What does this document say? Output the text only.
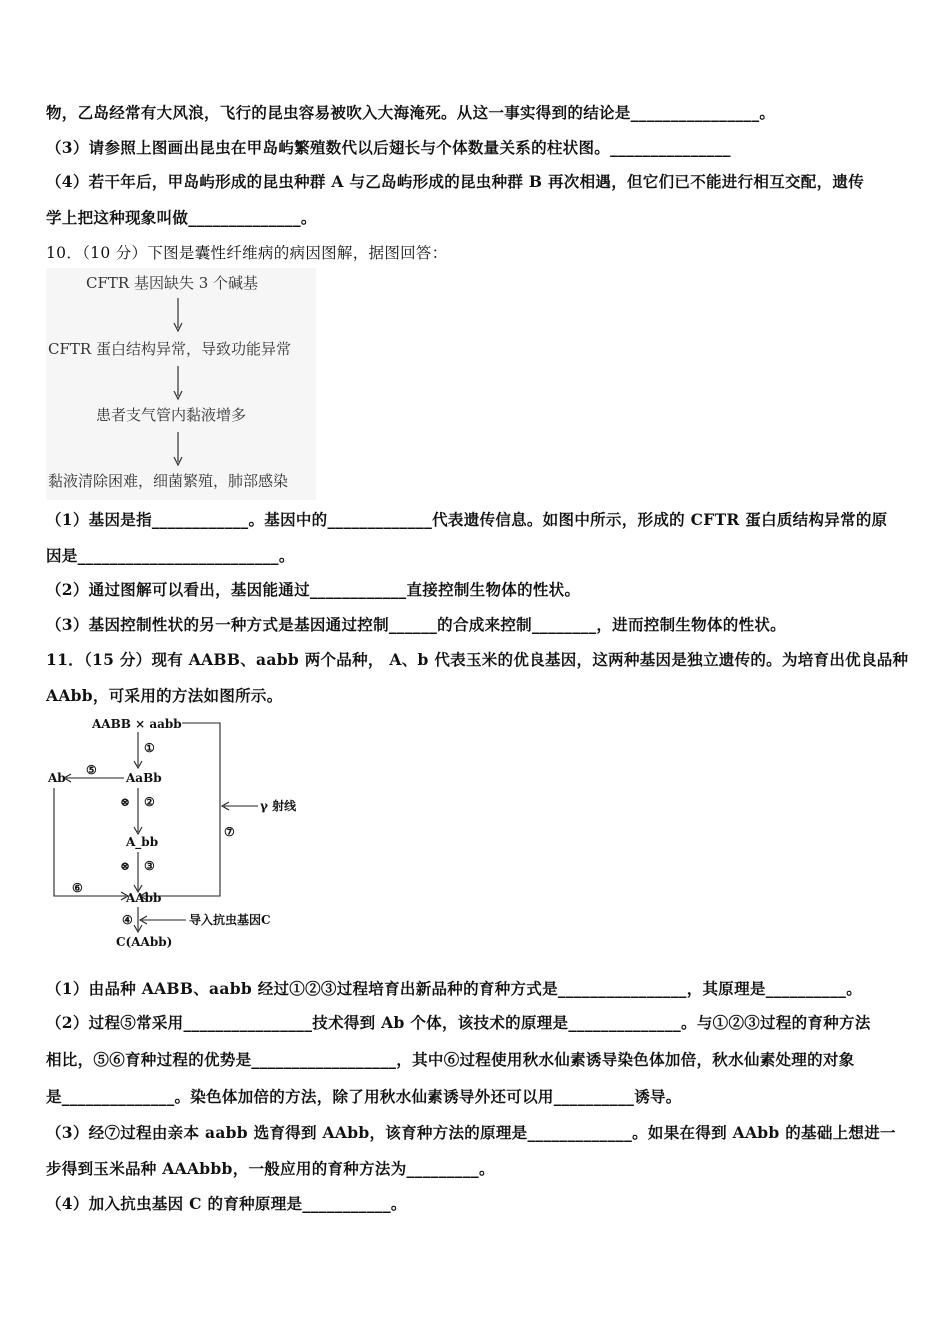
物，乙岛经常有大风浪，飞行的昆虫容易被吹入大海淹死。从这一事实得到的结论是________________。
（3）请参照上图画出昆虫在甲岛屿繁殖数代以后翅长与个体数量关系的柱状图。_______________
（4）若干年后，甲岛屿形成的昆虫种群 A 与乙岛屿形成的昆虫种群 B 再次相遇，但它们已不能进行相互交配，遗传
学上把这种现象叫做______________。
10．（10 分）下图是囊性纤维病的病因图解，据图回答：
CFTR 基因缺失 3 个碱基
CFTR 蛋白结构异常，导致功能异常
患者支气管内黏液增多
黏液清除困难，细菌繁殖，肺部感染
（1）基因是指____________。基因中的_____________代表遗传信息。如图中所示，形成的 CFTR 蛋白质结构异常的原
因是_________________________。
（2）通过图解可以看出，基因能通过____________直接控制生物体的性状。
（3）基因控制性状的另一种方式是基因通过控制______的合成来控制________，进而控制生物体的性状。
11．（15 分）现有 AABB、aabb 两个品种， A、b 代表玉米的优良基因，这两种基因是独立遗传的。为培育出优良品种
AAbb，可采用的方法如图所示。
AABB × aabb
γ 射线
⑦
①
AaBb
⑤
Ab
⑥
⊗ ②
A_bb
⊗ ③
AAbb
④	导入抗虫基因C
C(AAbb)
（1）由品种 AABB、aabb 经过①②③过程培育出新品种的育种方式是________________，其原理是__________。
（2）过程⑤常采用________________技术得到 Ab 个体，该技术的原理是______________。与①②③过程的育种方法
相比，⑤⑥育种过程的优势是__________________，其中⑥过程使用秋水仙素诱导染色体加倍，秋水仙素处理的对象
是______________。染色体加倍的方法，除了用秋水仙素诱导外还可以用__________诱导。
（3）经⑦过程由亲本 aabb 选育得到 AAbb，该育种方法的原理是_____________。如果在得到 AAbb 的基础上想进一
步得到玉米品种 AAAbbb，一般应用的育种方法为_________。
（4）加入抗虫基因 C 的育种原理是___________。
